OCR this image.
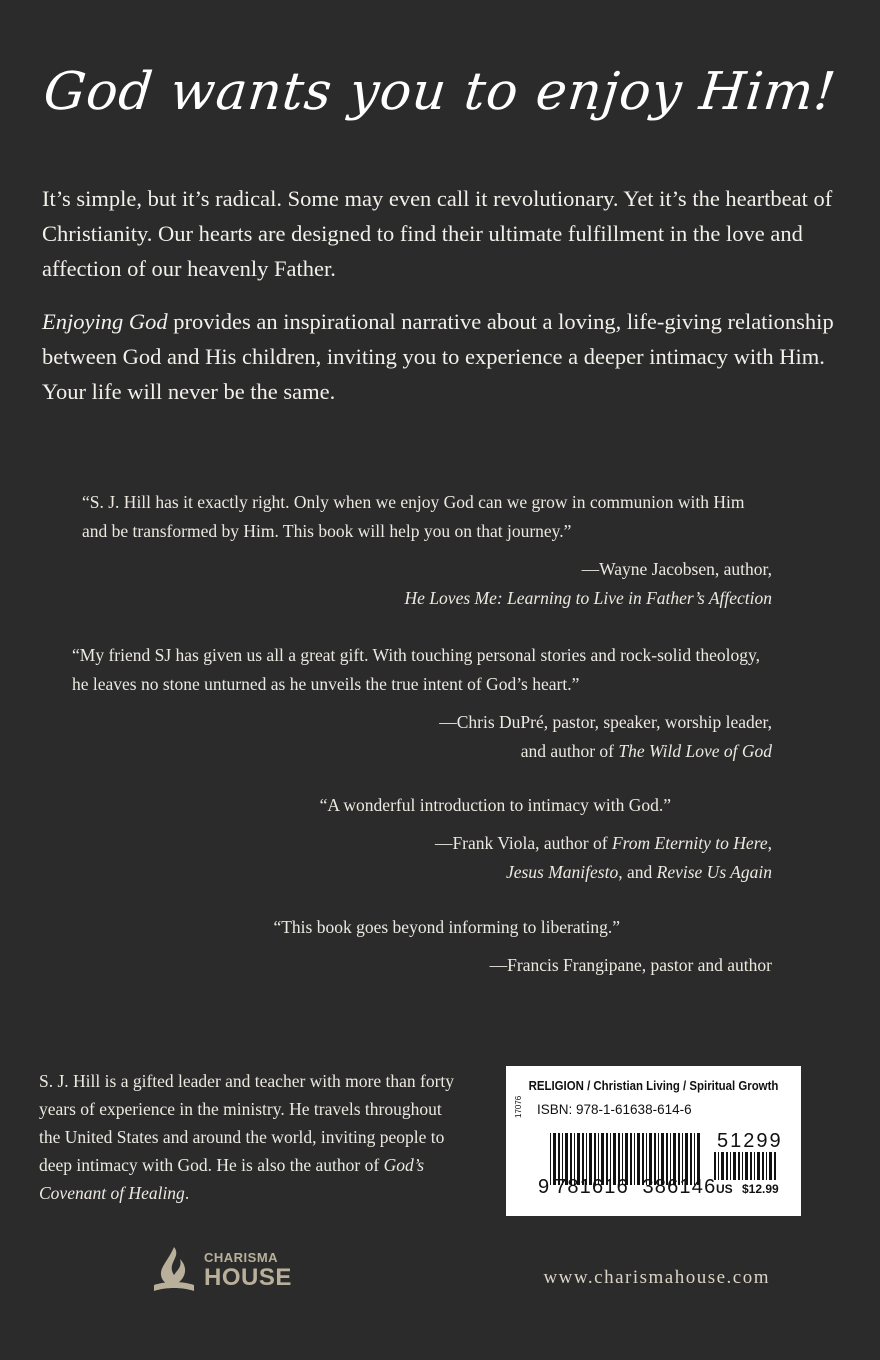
God wants you to enjoy Him!

It’s simple, but it’s radical. Some may even call it revolutionary. Yet it’s the heartbeat of Christianity. Our hearts are designed to find their ultimate fulfillment in the love and affection of our heavenly Father.

Enjoying God provides an inspirational narrative about a loving, life-giving relationship between God and His children, inviting you to experience a deeper intimacy with Him. Your life will never be the same.

“S. J. Hill has it exactly right. Only when we enjoy God can we grow in communion with Him and be transformed by Him. This book will help you on that journey.”
—Wayne Jacobsen, author,
He Loves Me: Learning to Live in Father’s Affection
“My friend SJ has given us all a great gift. With touching personal stories and rock-solid theology, he leaves no stone unturned as he unveils the true intent of God’s heart.”
—Chris DuPré, pastor, speaker, worship leader,
and author of The Wild Love of God
“A wonderful introduction to intimacy with God.”
—Frank Viola, author of From Eternity to Here,
Jesus Manifesto, and Revise Us Again
“This book goes beyond informing to liberating.”
—Francis Frangipane, pastor and author
S. J. Hill is a gifted leader and teacher with more than forty years of experience in the ministry. He travels throughout the United States and around the world, inviting people to deep intimacy with God. He is also the author of God’s Covenant of Healing.
RELIGION / Christian Living / Spiritual Growth
ISBN: 978-1-61638-614-6
17076
51299
9 781616  386146 US $12.99
CHARISMA
HOUSE	www.charismahouse.com
